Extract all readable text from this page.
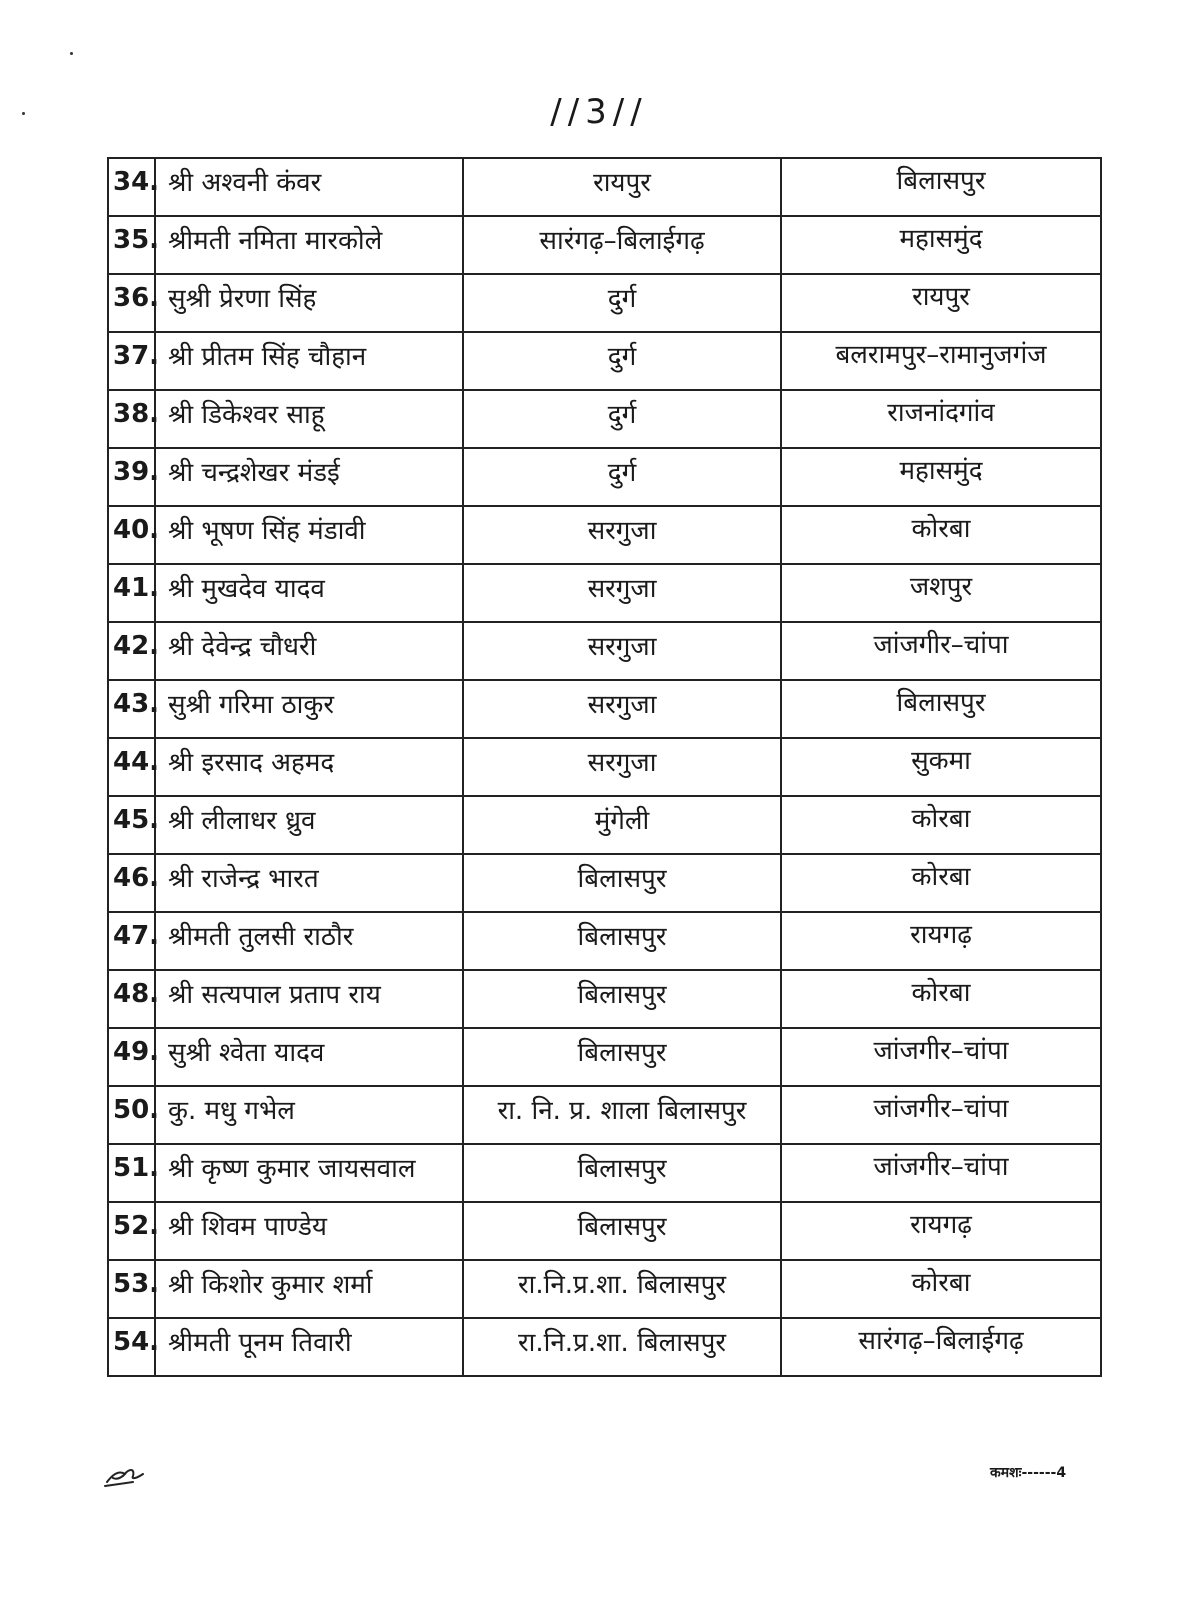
//3//
34.	श्री अश्वनी कंवर	रायपुर	बिलासपुर
35.	श्रीमती नमिता मारकोले	सारंगढ़–बिलाईगढ़	महासमुंद
36.	सुश्री प्रेरणा सिंह	दुर्ग	रायपुर
37.	श्री प्रीतम सिंह चौहान	दुर्ग	बलरामपुर–रामानुजगंज
38.	श्री डिकेश्वर साहू	दुर्ग	राजनांदगांव
39.	श्री चन्द्रशेखर मंडई	दुर्ग	महासमुंद
40.	श्री भूषण सिंह मंडावी	सरगुजा	कोरबा
41.	श्री मुखदेव यादव	सरगुजा	जशपुर
42.	श्री देवेन्द्र चौधरी	सरगुजा	जांजगीर–चांपा
43.	सुश्री गरिमा ठाकुर	सरगुजा	बिलासपुर
44.	श्री इरसाद अहमद	सरगुजा	सुकमा
45.	श्री लीलाधर ध्रुव	मुंगेली	कोरबा
46.	श्री राजेन्द्र भारत	बिलासपुर	कोरबा
47.	श्रीमती तुलसी राठौर	बिलासपुर	रायगढ़
48.	श्री सत्यपाल प्रताप राय	बिलासपुर	कोरबा
49.	सुश्री श्वेता यादव	बिलासपुर	जांजगीर–चांपा
50.	कु. मधु गभेल	रा. नि. प्र. शाला बिलासपुर	जांजगीर–चांपा
51.	श्री कृष्ण कुमार जायसवाल	बिलासपुर	जांजगीर–चांपा
52.	श्री शिवम पाण्डेय	बिलासपुर	रायगढ़
53.	श्री किशोर कुमार शर्मा	रा.नि.प्र.शा. बिलासपुर	कोरबा
54.	श्रीमती पूनम तिवारी	रा.नि.प्र.शा. बिलासपुर	सारंगढ़–बिलाईगढ़
कमशः------4
